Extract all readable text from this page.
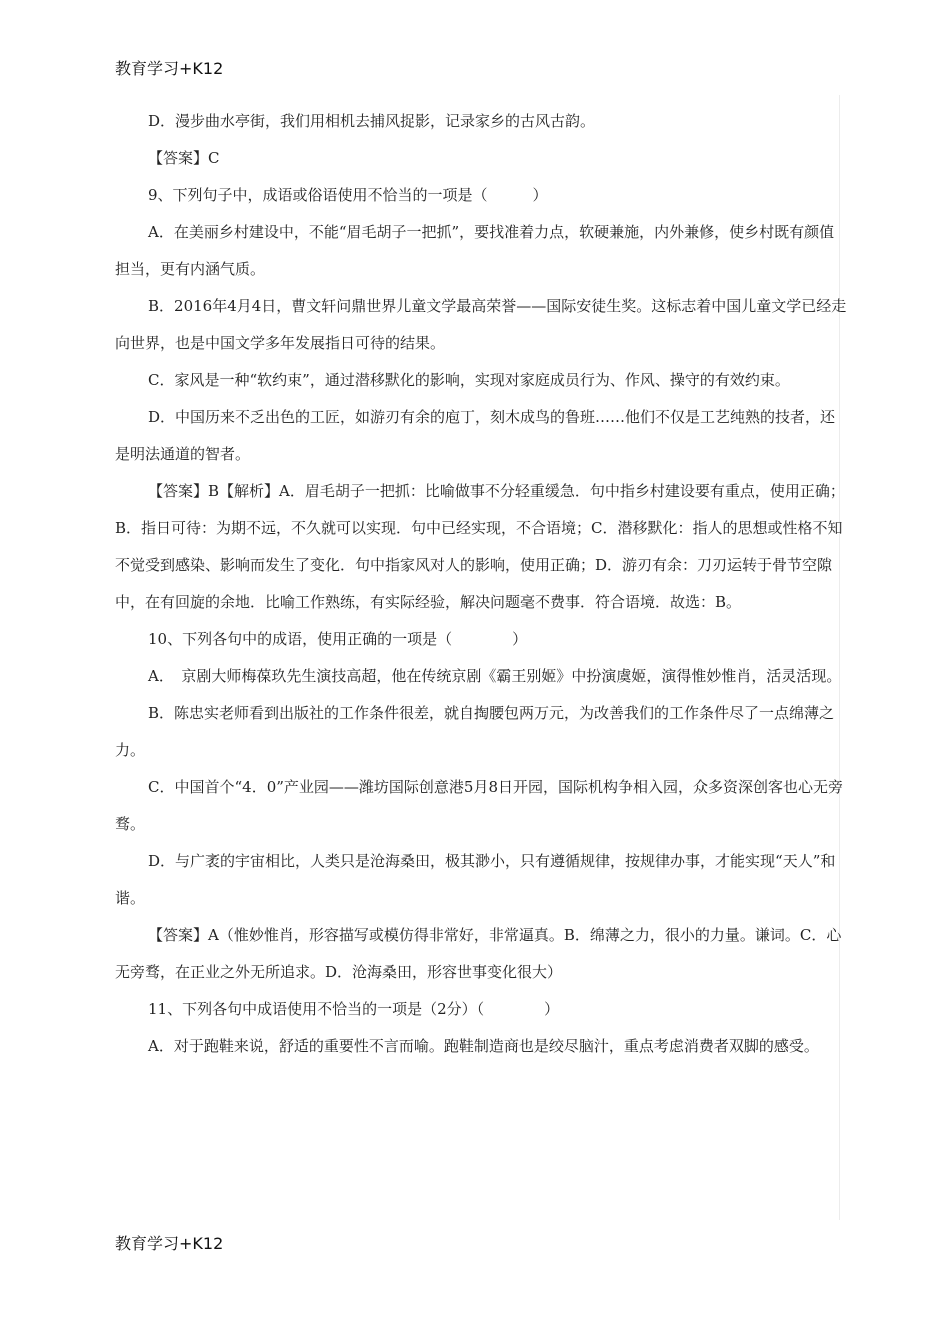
教育学习+K12

D．漫步曲水亭街，我们用相机去捕风捉影，记录家乡的古风古韵。

【答案】C

9、下列句子中，成语或俗语使用不恰当的一项是（　　　）

A．在美丽乡村建设中，不能“眉毛胡子一把抓”，要找准着力点，软硬兼施，内外兼修，使乡村既有颜值担当，更有内涵气质。

B．2016年4月4日，曹文轩问鼎世界儿童文学最高荣誉——国际安徒生奖。这标志着中国儿童文学已经走向世界，也是中国文学多年发展指日可待的结果。

C．家风是一种“软约束”，通过潜移默化的影响，实现对家庭成员行为、作风、操守的有效约束。

D．中国历来不乏出色的工匠，如游刃有余的庖丁，刻木成鸟的鲁班……他们不仅是工艺纯熟的技者，还是明法通道的智者。

【答案】B【解析】A．眉毛胡子一把抓：比喻做事不分轻重缓急．句中指乡村建设要有重点，使用正确；B．指日可待：为期不远，不久就可以实现．句中已经实现，不合语境；C．潜移默化：指人的思想或性格不知不觉受到感染、影响而发生了变化．句中指家风对人的影响，使用正确；D．游刃有余：刀刃运转于骨节空隙中，在有回旋的余地．比喻工作熟练，有实际经验，解决问题毫不费事．符合语境．故选：B。

10、下列各句中的成语，使用正确的一项是（　　　　）

A．　京剧大师梅葆玖先生演技高超，他在传统京剧《霸王别姬》中扮演虞姬，演得惟妙惟肖，活灵活现。

B．陈忠实老师看到出版社的工作条件很差，就自掏腰包两万元，为改善我们的工作条件尽了一点绵薄之力。

C．中国首个“4．0”产业园——潍坊国际创意港5月8日开园，国际机构争相入园，众多资深创客也心无旁骛。

D．与广袤的宇宙相比，人类只是沧海桑田，极其渺小，只有遵循规律，按规律办事，才能实现“天人”和谐。

【答案】A（惟妙惟肖，形容描写或模仿得非常好，非常逼真。B．绵薄之力，很小的力量。谦词。C．心无旁骛，在正业之外无所追求。D．沧海桑田，形容世事变化很大）

11、下列各句中成语使用不恰当的一项是（2分）（　　　　）

A．对于跑鞋来说，舒适的重要性不言而喻。跑鞋制造商也是绞尽脑汁，重点考虑消费者双脚的感受。

教育学习+K12
